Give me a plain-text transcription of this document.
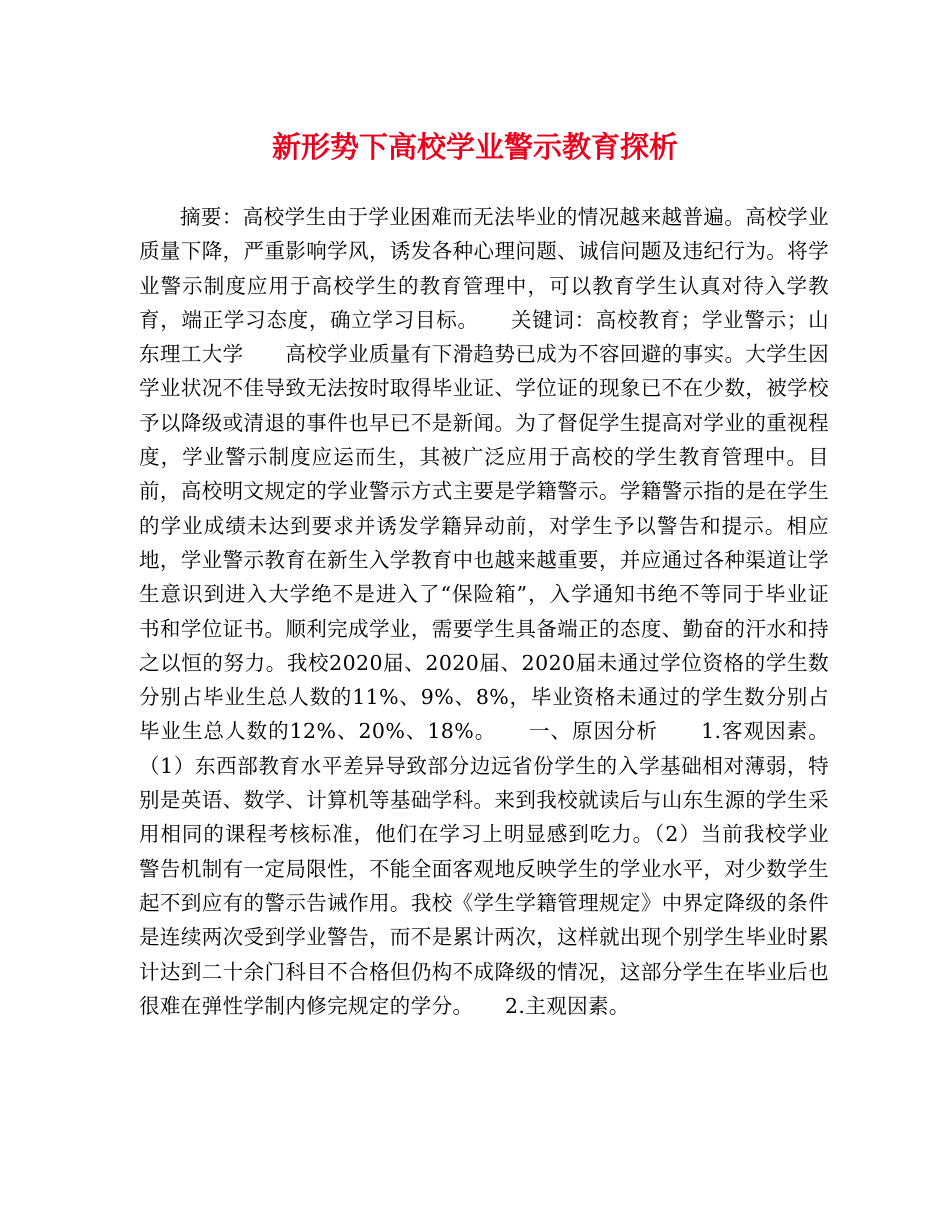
新形势下高校学业警示教育探析

摘要：高校学生由于学业困难而无法毕业的情况越来越普遍。高校学业质量下降，严重影响学风，诱发各种心理问题、诚信问题及违纪行为。将学业警示制度应用于高校学生的教育管理中，可以教育学生认真对待入学教育，端正学习态度，确立学习目标。　　关键词：高校教育；学业警示；山东理工大学　　高校学业质量有下滑趋势已成为不容回避的事实。大学生因学业状况不佳导致无法按时取得毕业证、学位证的现象已不在少数，被学校予以降级或清退的事件也早已不是新闻。为了督促学生提高对学业的重视程度，学业警示制度应运而生，其被广泛应用于高校的学生教育管理中。目前，高校明文规定的学业警示方式主要是学籍警示。学籍警示指的是在学生的学业成绩未达到要求并诱发学籍异动前，对学生予以警告和提示。相应地，学业警示教育在新生入学教育中也越来越重要，并应通过各种渠道让学生意识到进入大学绝不是进入了“保险箱”，入学通知书绝不等同于毕业证书和学位证书。顺利完成学业，需要学生具备端正的态度、勤奋的汗水和持之以恒的努力。我校2020届、2020届、2020届未通过学位资格的学生数分别占毕业生总人数的11%、9%、8%，毕业资格未通过的学生数分别占毕业生总人数的12%、20%、18%。　　一、原因分析　　1.客观因素。（1）东西部教育水平差异导致部分边远省份学生的入学基础相对薄弱，特别是英语、数学、计算机等基础学科。来到我校就读后与山东生源的学生采用相同的课程考核标准，他们在学习上明显感到吃力。（2）当前我校学业警告机制有一定局限性，不能全面客观地反映学生的学业水平，对少数学生起不到应有的警示告诫作用。我校《学生学籍管理规定》中界定降级的条件是连续两次受到学业警告，而不是累计两次，这样就出现个别学生毕业时累计达到二十余门科目不合格但仍构不成降级的情况，这部分学生在毕业后也很难在弹性学制内修完规定的学分。　　2.主观因素。
